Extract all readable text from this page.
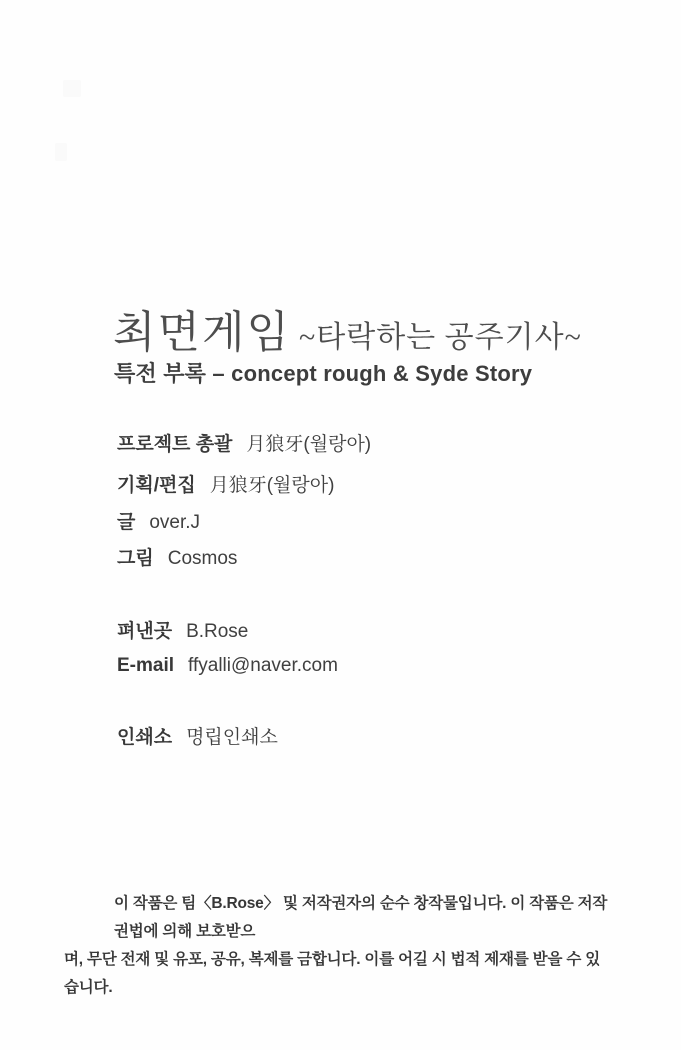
최면게임 ~타락하는 공주기사~
특전 부록 – concept rough & Syde Story
프로젝트 총괄 月狼牙(월랑아)
기획/편집 月狼牙(월랑아)
글 over.J
그림 Cosmos
펴낸곳 B.Rose
E-mail ffyalli@naver.com
인쇄소 명립인쇄소

이 작품은 팀〈B.Rose〉 및 저작권자의 순수 창작물입니다. 이 작품은 저작권법에 의해 보호받으
며, 무단 전재 및 유포, 공유, 복제를 금합니다. 이를 어길 시 법적 제재를 받을 수 있습니다.
